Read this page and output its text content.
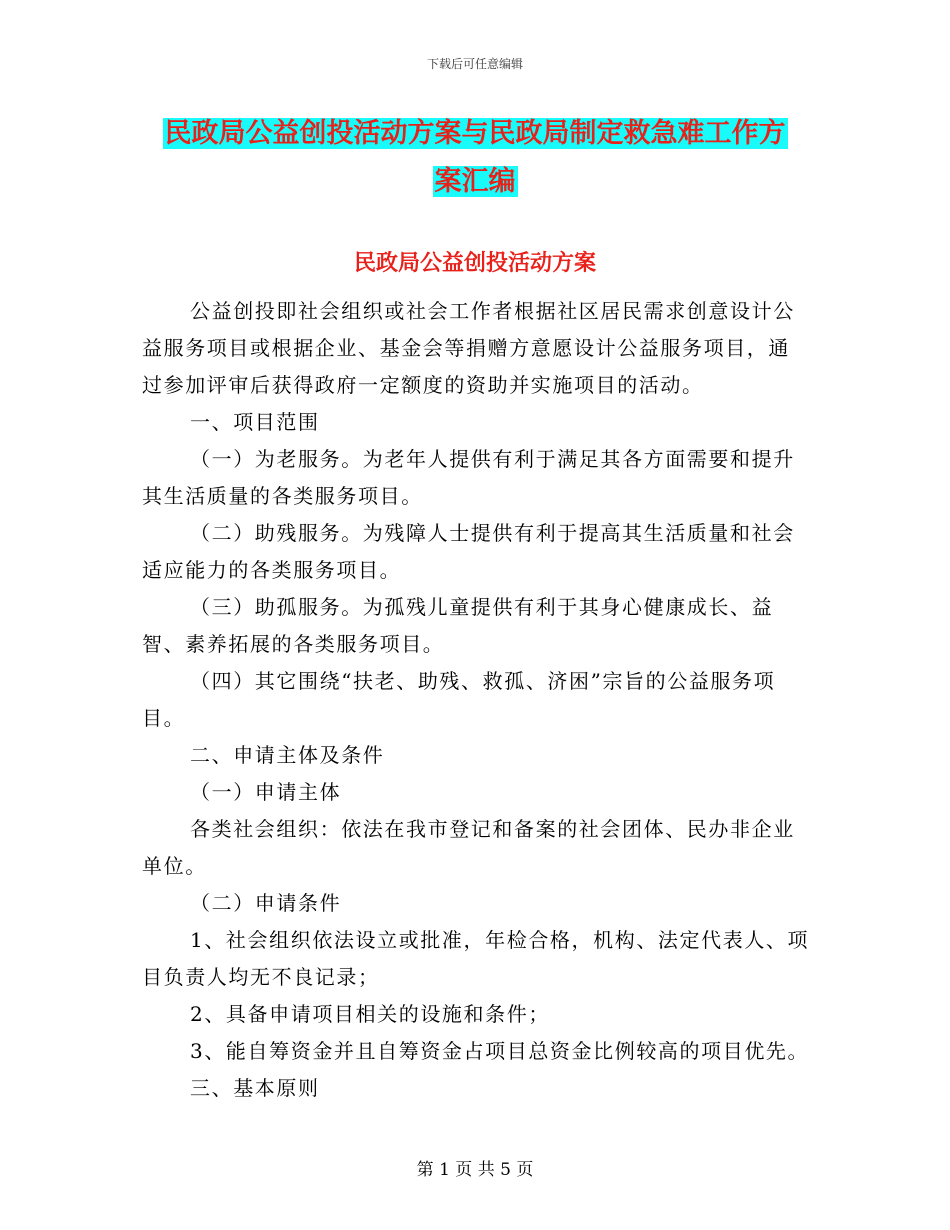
下载后可任意编辑
民政局公益创投活动方案与民政局制定救急难工作方
案汇编
民政局公益创投活动方案

公益创投即社会组织或社会工作者根据社区居民需求创意设计公益服务项目或根据企业、基金会等捐赠方意愿设计公益服务项目，通过参加评审后获得政府一定额度的资助并实施项目的活动。

一、项目范围

（一）为老服务。为老年人提供有利于满足其各方面需要和提升其生活质量的各类服务项目。

（二）助残服务。为残障人士提供有利于提高其生活质量和社会适应能力的各类服务项目。

（三）助孤服务。为孤残儿童提供有利于其身心健康成长、益智、素养拓展的各类服务项目。

（四）其它围绕“扶老、助残、救孤、济困”宗旨的公益服务项目。

二、申请主体及条件

（一）申请主体

各类社会组织：依法在我市登记和备案的社会团体、民办非企业单位。

（二）申请条件

1、社会组织依法设立或批准，年检合格，机构、法定代表人、项目负责人均无不良记录；

2、具备申请项目相关的设施和条件；

3、能自筹资金并且自筹资金占项目总资金比例较高的项目优先。

三、基本原则

第 1 页 共 5 页
